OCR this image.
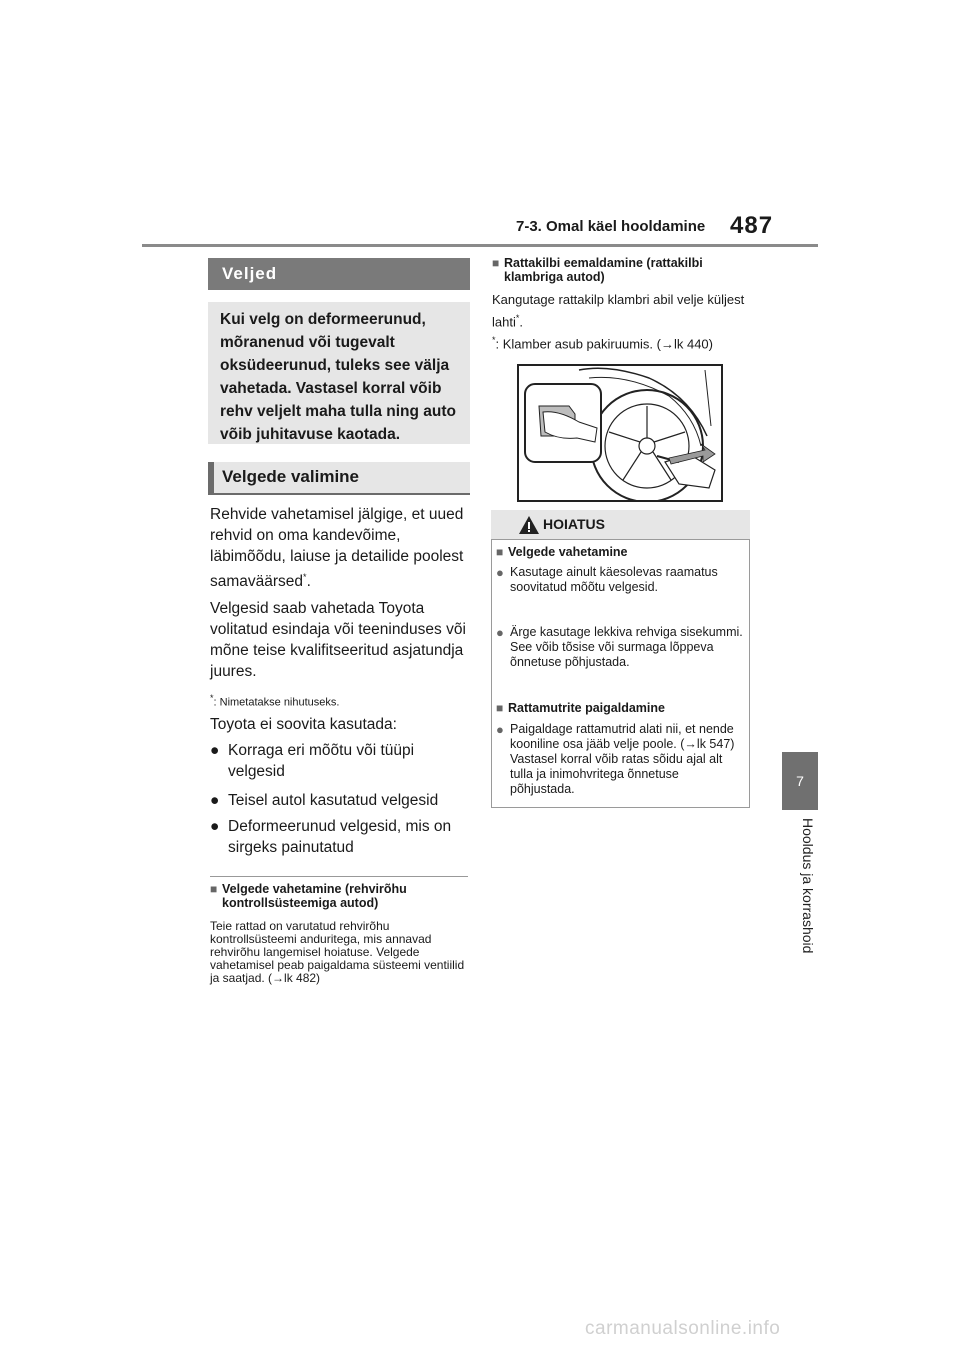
7-3. Omal käel hooldamine 487
7
Hooldus ja korrashoid
Veljed
Kui velg on deformeerunud, mõranenud või tugevalt oksüdeerunud, tuleks see välja vahetada. Vastasel korral võib rehv veljelt maha tulla ning auto võib juhitavuse kaotada.
Velgede valimine
Rehvide vahetamisel jälgige, et uued rehvid on oma kandevõime, läbimõõdu, laiuse ja detailide poolest samaväärsed*.
Velgesid saab vahetada Toyota volitatud esindaja või teeninduses või mõne teise kvalifitseeritud asjatundja juures.
*: Nimetatakse nihutuseks.
Toyota ei soovita kasutada:
● Korraga eri mõõtu või tüüpi velgesid
● Teisel autol kasutatud velgesid
● Deformeerunud velgesid, mis on sirgeks painutatud
■ Velgede vahetamine (rehvirõhu kontrollsüsteemiga autod)
Teie rattad on varutatud rehvirõhu kontrollsüsteemi anduritega, mis annavad rehvirõhu langemisel hoiatuse. Velgede vahetamisel peab paigaldama süsteemi ventiilid ja saatjad. (→lk 482)
■ Rattakilbi eemaldamine (rattakilbi klambriga autod)
Kangutage rattakilp klambri abil velje küljest lahti*.
*: Klamber asub pakiruumis. (→lk 440)
HOIATUS
■ Velgede vahetamine
● Kasutage ainult käesolevas raamatus soovitatud mõõtu velgesid.
● Ärge kasutage lekkiva rehviga sisekummi. See võib tõsise või surmaga lõppeva õnnetuse põhjustada.
■ Rattamutrite paigaldamine
● Paigaldage rattamutrid alati nii, et nende kooniline osa jääb velje poole. (→lk 547) Vastasel korral võib ratas sõidu ajal alt tulla ja inimohvritega õnnetuse põhjustada.
carmanualsonline.info
